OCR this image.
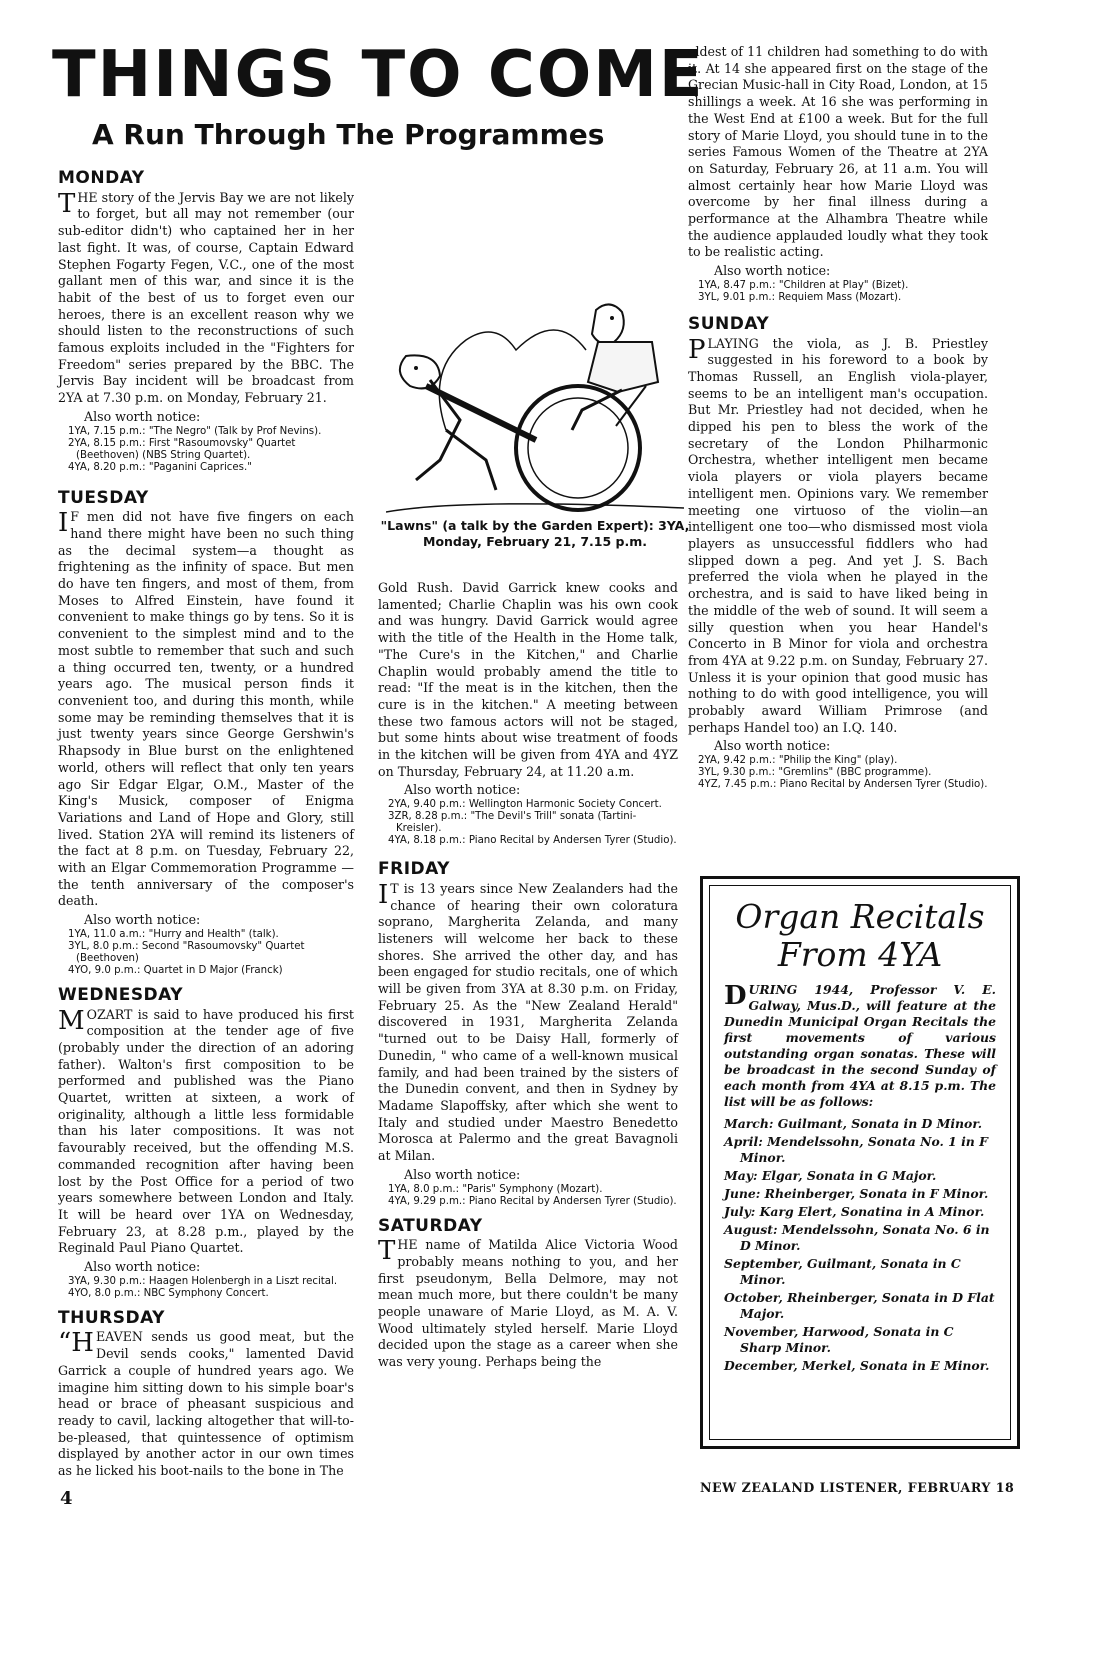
THINGS TO COME
A Run Through The Programmes
MONDAY

THE story of the Jervis Bay we are not likely to forget, but all may not remember (our sub-editor didn't) who captained her in her last fight. It was, of course, Captain Edward Stephen Fogarty Fegen, V.C., one of the most gallant men of this war, and since it is the habit of the best of us to forget even our heroes, there is an excellent reason why we should listen to the reconstructions of such famous exploits included in the "Fighters for Freedom" series prepared by the BBC. The Jervis Bay incident will be broadcast from 2YA at 7.30 p.m. on Monday, February 21.

Also worth notice:
1YA, 7.15 p.m.: "The Negro" (Talk by Prof Nevins).
2YA, 8.15 p.m.: First "Rasoumovsky" Quartet (Beethoven) (NBS String Quartet).
4YA, 8.20 p.m.: "Paganini Caprices."
TUESDAY

I F men did not have five fingers on each hand there might have been no such thing as the decimal system—a thought as frightening as the infinity of space. But men do have ten fingers, and most of them, from Moses to Alfred Einstein, have found it convenient to make things go by tens. So it is convenient to the simplest mind and to the most subtle to remember that such and such a thing occurred ten, twenty, or a hundred years ago. The musical person finds it convenient too, and during this month, while some may be reminding themselves that it is just twenty years since George Gershwin's Rhapsody in Blue burst on the enlightened world, others will reflect that only ten years ago Sir Edgar Elgar, O.M., Master of the King's Musick, composer of Enigma Variations and Land of Hope and Glory, still lived. Station 2YA will remind its listeners of the fact at 8 p.m. on Tuesday, February 22, with an Elgar Commemoration Programme — the tenth anniversary of the composer's death.

Also worth notice:
1YA, 11.0 a.m.: "Hurry and Health" (talk).
3YL, 8.0 p.m.: Second "Rasoumovsky" Quartet (Beethoven)
4YO, 9.0 p.m.: Quartet in D Major (Franck)
WEDNESDAY

MOZART is said to have produced his first composition at the tender age of five (probably under the direction of an adoring father). Walton's first composition to be performed and published was the Piano Quartet, written at sixteen, a work of originality, although a little less formidable than his later compositions. It was not favourably received, but the offending M.S. commanded recognition after having been lost by the Post Office for a period of two years somewhere between London and Italy. It will be heard over 1YA on Wednesday, February 23, at 8.28 p.m., played by the Reginald Paul Piano Quartet.

Also worth notice:
3YA, 9.30 p.m.: Haagen Holenbergh in a Liszt recital.
4YO, 8.0 p.m.: NBC Symphony Concert.
THURSDAY

“HEAVEN sends us good meat, but the Devil sends cooks," lamented David Garrick a couple of hundred years ago. We imagine him sitting down to his simple boar's head or brace of pheasant suspicious and ready to cavil, lacking altogether that will-to-be-pleased, that quintessence of optimism displayed by another actor in our own times as he licked his boot-nails to the bone in The

"Lawns" (a talk by the Garden Expert): 3YA, Monday, February 21, 7.15 p.m.

Gold Rush. David Garrick knew cooks and lamented; Charlie Chaplin was his own cook and was hungry. David Garrick would agree with the title of the Health in the Home talk, "The Cure's in the Kitchen," and Charlie Chaplin would probably amend the title to read: "If the meat is in the kitchen, then the cure is in the kitchen." A meeting between these two famous actors will not be staged, but some hints about wise treatment of foods in the kitchen will be given from 4YA and 4YZ on Thursday, February 24, at 11.20 a.m.

Also worth notice:
2YA, 9.40 p.m.: Wellington Harmonic Society Concert.
3ZR, 8.28 p.m.: "The Devil's Trill" sonata (Tartini-Kreisler).
4YA, 8.18 p.m.: Piano Recital by Andersen Tyrer (Studio).
FRIDAY

I T is 13 years since New Zealanders had the chance of hearing their own coloratura soprano, Margherita Zelanda, and many listeners will welcome her back to these shores. She arrived the other day, and has been engaged for studio recitals, one of which will be given from 3YA at 8.30 p.m. on Friday, February 25. As the "New Zealand Herald" discovered in 1931, Margherita Zelanda "turned out to be Daisy Hall, formerly of Dunedin, " who came of a well-known musical family, and had been trained by the sisters of the Dunedin convent, and then in Sydney by Madame Slapoffsky, after which she went to Italy and studied under Maestro Benedetto Morosca at Palermo and the great Bavagnoli at Milan.

Also worth notice:
1YA, 8.0 p.m.: "Paris" Symphony (Mozart).
4YA, 9.29 p.m.: Piano Recital by Andersen Tyrer (Studio).
SATURDAY

THE name of Matilda Alice Victoria Wood probably means nothing to you, and her first pseudonym, Bella Delmore, may not mean much more, but there couldn't be many people unaware of Marie Lloyd, as M. A. V. Wood ultimately styled herself. Marie Lloyd decided upon the stage as a career when she was very young. Perhaps being the

eldest of 11 children had something to do with it. At 14 she appeared first on the stage of the Grecian Music-hall in City Road, London, at 15 shillings a week. At 16 she was performing in the West End at £100 a week. But for the full story of Marie Lloyd, you should tune in to the series Famous Women of the Theatre at 2YA on Saturday, February 26, at 11 a.m. You will almost certainly hear how Marie Lloyd was overcome by her final illness during a performance at the Alhambra Theatre while the audience applauded loudly what they took to be realistic acting.

Also worth notice:
1YA, 8.47 p.m.: "Children at Play" (Bizet).
3YL, 9.01 p.m.: Requiem Mass (Mozart).
SUNDAY

PLAYING the viola, as J. B. Priestley suggested in his foreword to a book by Thomas Russell, an English viola-player, seems to be an intelligent man's occupation. But Mr. Priestley had not decided, when he dipped his pen to bless the work of the secretary of the London Philharmonic Orchestra, whether intelligent men became viola players or viola players became intelligent men. Opinions vary. We remember meeting one virtuoso of the violin—an intelligent one too—who dismissed most viola players as unsuccessful fiddlers who had slipped down a peg. And yet J. S. Bach preferred the viola when he played in the orchestra, and is said to have liked being in the middle of the web of sound. It will seem a silly question when you hear Handel's Concerto in B Minor for viola and orchestra from 4YA at 9.22 p.m. on Sunday, February 27. Unless it is your opinion that good music has nothing to do with good intelligence, you will probably award William Primrose (and perhaps Handel too) an I.Q. 140.

Also worth notice:
2YA, 9.42 p.m.: "Philip the King" (play).
3YL, 9.30 p.m.: "Gremlins" (BBC programme).
4YZ, 7.45 p.m.: Piano Recital by Andersen Tyrer (Studio).
Organ Recitals From 4YA

DURING 1944, Professor V. E. Galway, Mus.D., will feature at the Dunedin Municipal Organ Recitals the first movements of various outstanding organ sonatas. These will be broadcast in the second Sunday of each month from 4YA at 8.15 p.m. The list will be as follows:

March: Guilmant, Sonata in D Minor.
April: Mendelssohn, Sonata No. 1 in F Minor.
May: Elgar, Sonata in G Major.
June: Rheinberger, Sonata in F Minor.
July: Karg Elert, Sonatina in A Minor.
August: Mendelssohn, Sonata No. 6 in D Minor.
September, Guilmant, Sonata in C Minor.
October, Rheinberger, Sonata in D Flat Major.
November, Harwood, Sonata in C Sharp Minor.
December, Merkel, Sonata in E Minor.
4
NEW ZEALAND LISTENER, FEBRUARY 18
